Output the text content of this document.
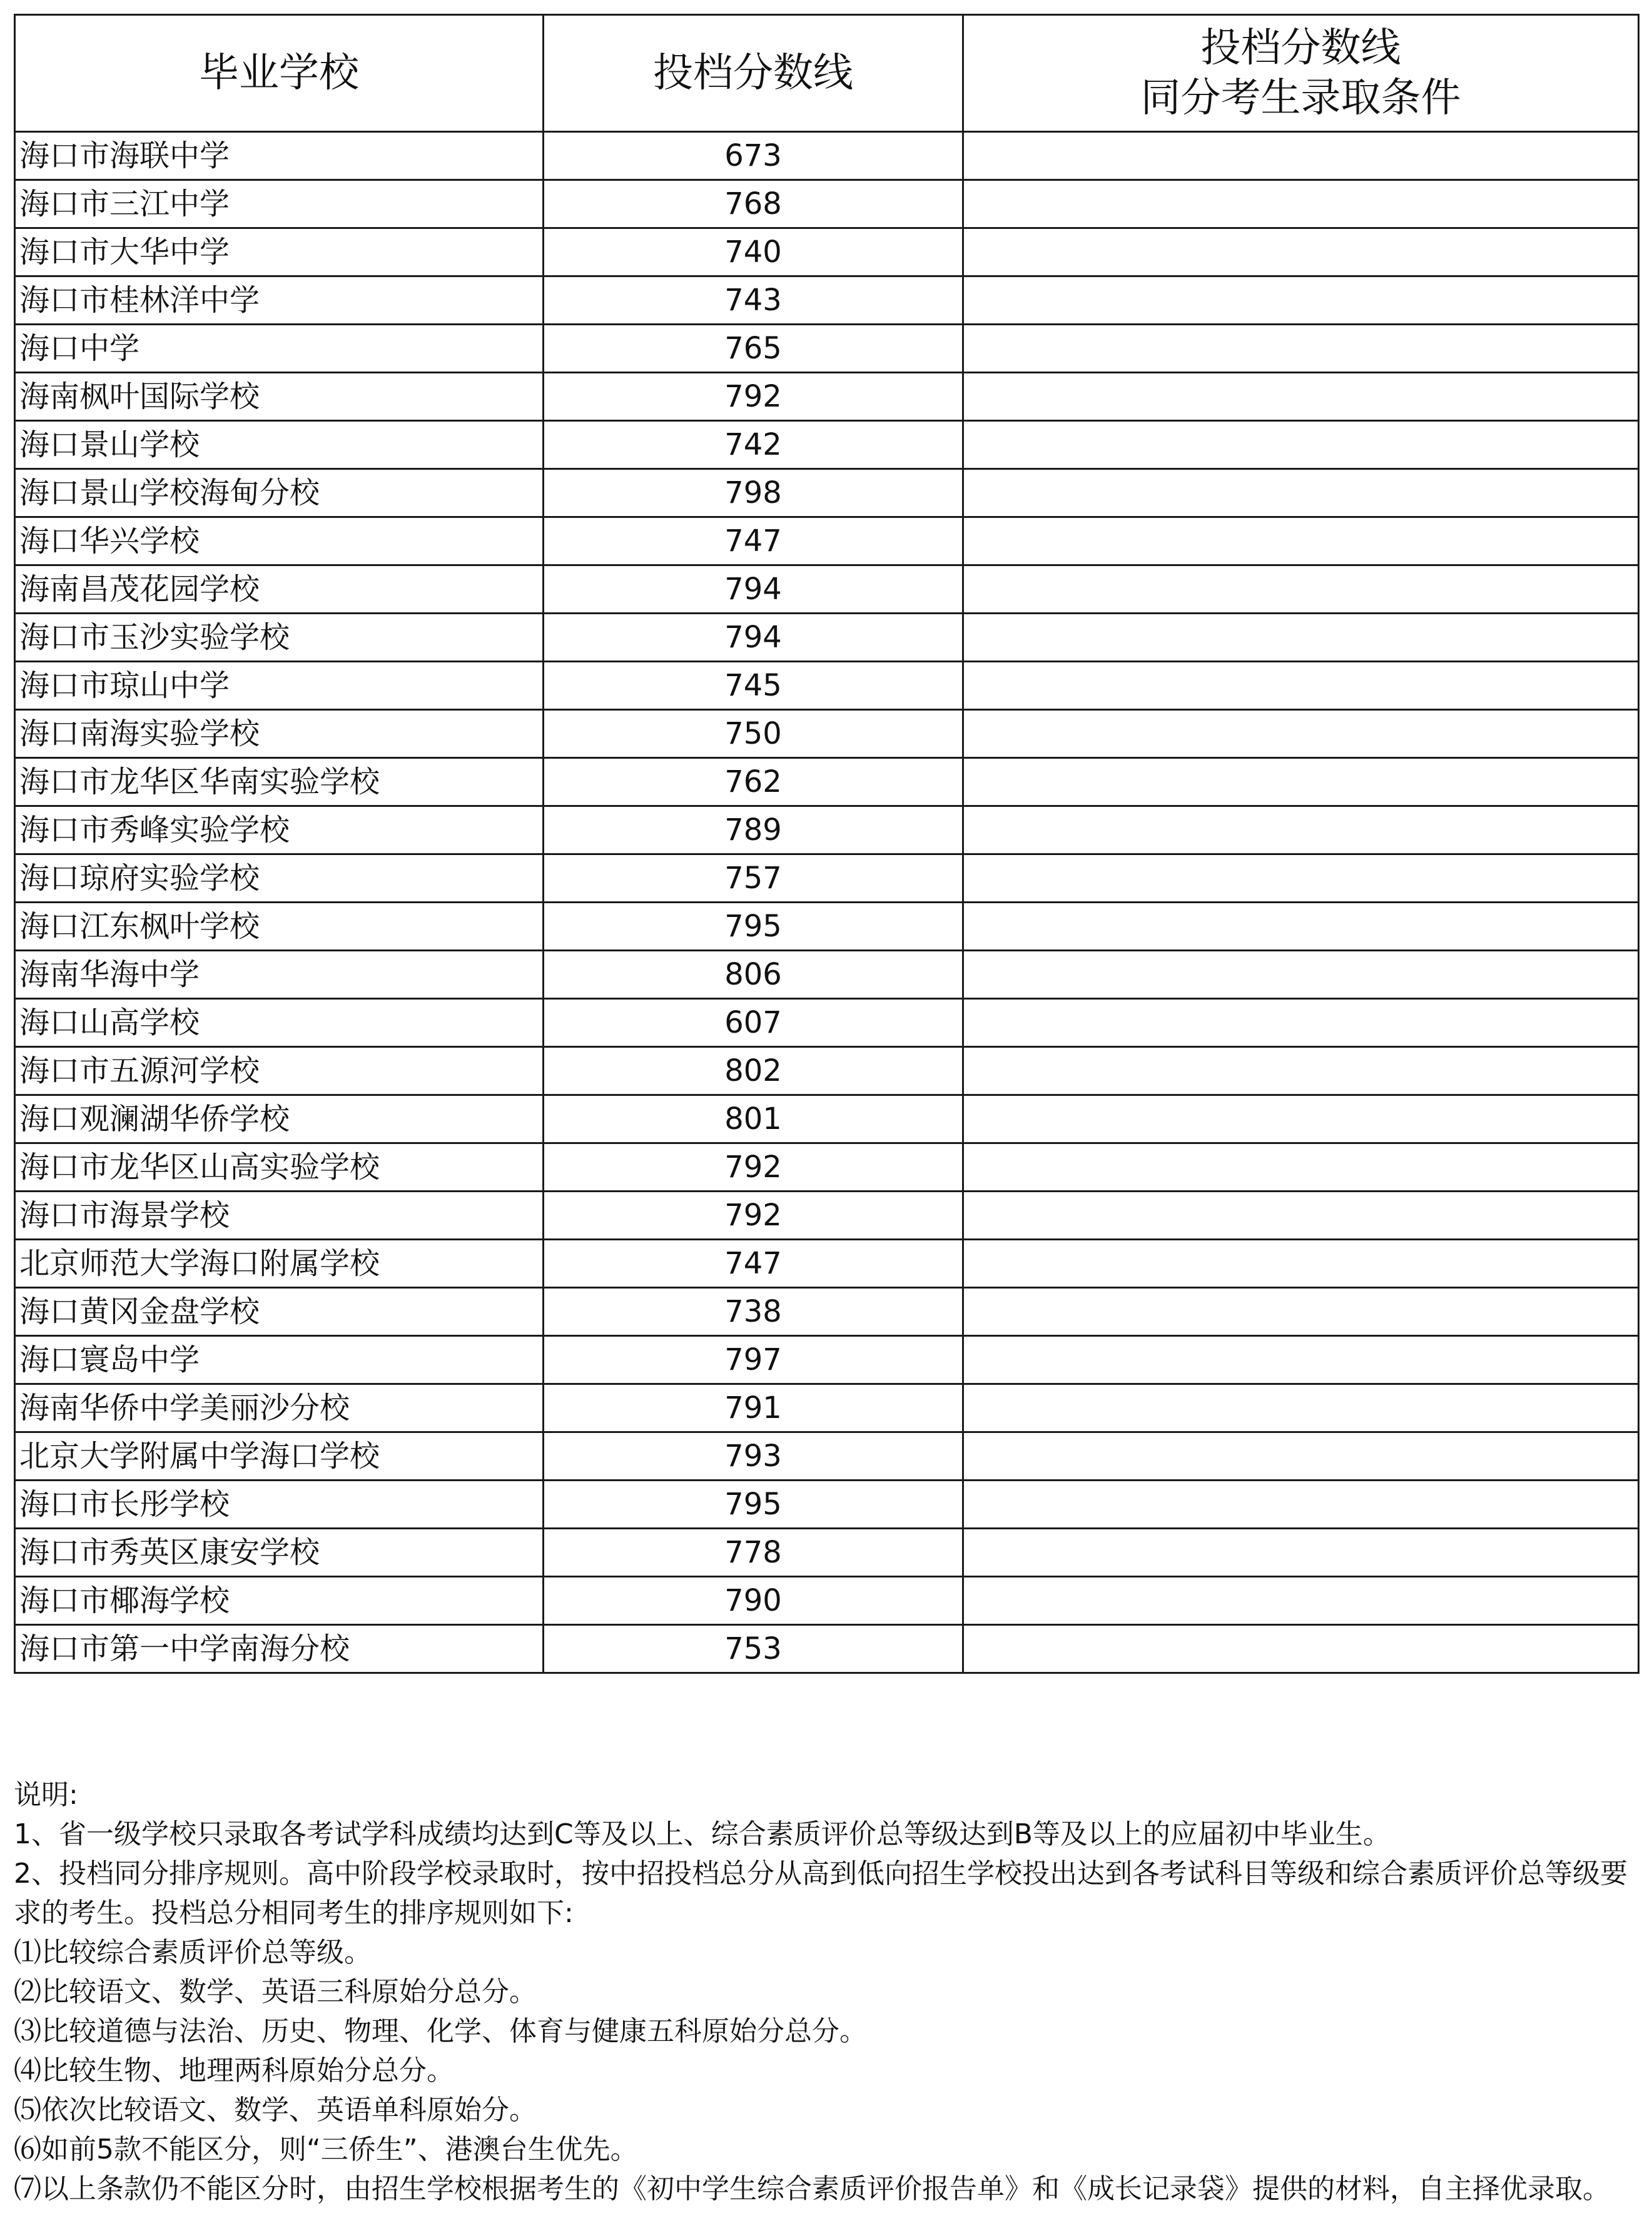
毕业学校	投档分数线	投档分数线
同分考生录取条件

海口市海联中学	673	
海口市三江中学	768	
海口市大华中学	740	
海口市桂林洋中学	743	
海口中学	765	
海南枫叶国际学校	792	
海口景山学校	742	
海口景山学校海甸分校	798	
海口华兴学校	747	
海南昌茂花园学校	794	
海口市玉沙实验学校	794	
海口市琼山中学	745	
海口南海实验学校	750	
海口市龙华区华南实验学校	762	
海口市秀峰实验学校	789	
海口琼府实验学校	757	
海口江东枫叶学校	795	
海南华海中学	806	
海口山高学校	607	
海口市五源河学校	802	
海口观澜湖华侨学校	801	
海口市龙华区山高实验学校	792	
海口市海景学校	792	
北京师范大学海口附属学校	747	
海口黄冈金盘学校	738	
海口寰岛中学	797	
海南华侨中学美丽沙分校	791	
北京大学附属中学海口学校	793	
海口市长彤学校	795	
海口市秀英区康安学校	778	
海口市椰海学校	790	
海口市第一中学南海分校	753	
说明:
1、省一级学校只录取各考试学科成绩均达到C等及以上、综合素质评价总等级达到B等及以上的应届初中毕业生。
2、投档同分排序规则。高中阶段学校录取时，按中招投档总分从高到低向招生学校投出达到各考试科目等级和综合素质评价总等级要求的考生。投档总分相同考生的排序规则如下:
⑴比较综合素质评价总等级。
⑵比较语文、数学、英语三科原始分总分。
⑶比较道德与法治、历史、物理、化学、体育与健康五科原始分总分。
⑷比较生物、地理两科原始分总分。
⑸依次比较语文、数学、英语单科原始分。
⑹如前5款不能区分，则“三侨生”、港澳台生优先。
⑺以上条款仍不能区分时，由招生学校根据考生的《初中学生综合素质评价报告单》和《成长记录袋》提供的材料，自主择优录取。
